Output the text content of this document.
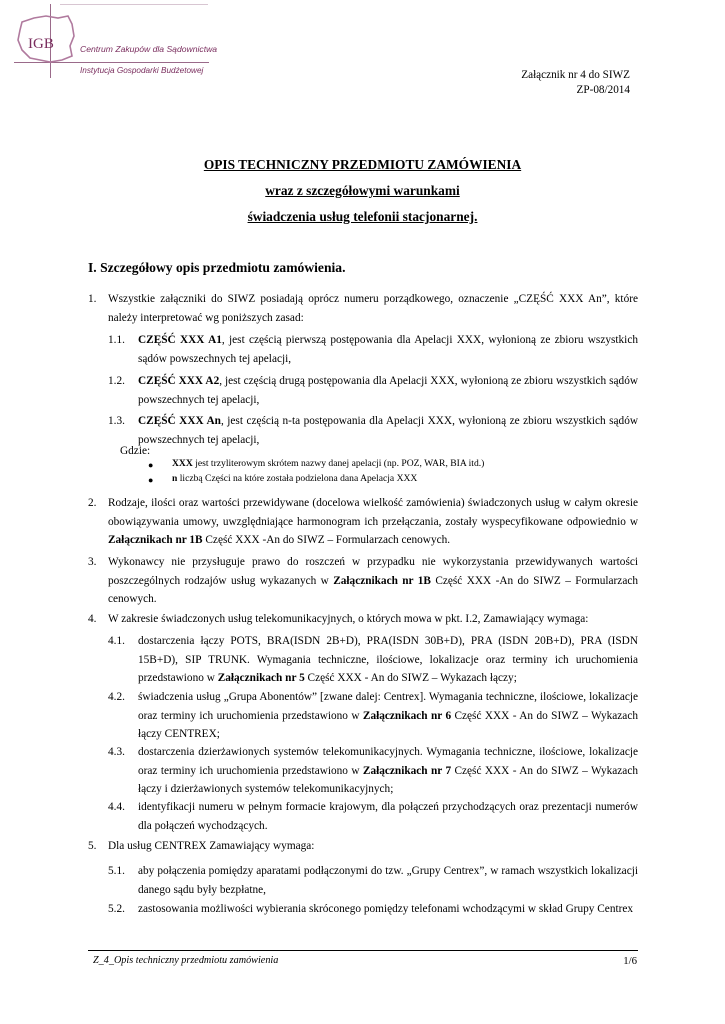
IGB	Centrum Zakupów dla Sądownictwa
Instytucja Gospodarki Budżetowej	Załącznik nr 4 do SIWZ
ZP-08/2014
OPIS TECHNICZNY PRZEDMIOTU ZAMÓWIENIA
wraz z szczegółowymi warunkami
świadczenia usług telefonii stacjonarnej.
I. Szczegółowy opis przedmiotu zamówienia.
1. Wszystkie załączniki do SIWZ posiadają oprócz numeru porządkowego, oznaczenie „CZĘŚĆ XXX An”, które należy interpretować wg poniższych zasad:
1.1. CZĘŚĆ XXX A1, jest częścią pierwszą postępowania dla Apelacji XXX, wyłonioną ze zbioru wszystkich sądów powszechnych tej apelacji,
1.2. CZĘŚĆ XXX A2, jest częścią drugą postępowania dla Apelacji XXX, wyłonioną ze zbioru wszystkich sądów powszechnych tej apelacji,
1.3. CZĘŚĆ XXX An, jest częścią n-ta postępowania dla Apelacji XXX, wyłonioną ze zbioru wszystkich sądów powszechnych tej apelacji,
Gdzie:
● XXX jest trzyliterowym skrótem nazwy danej apelacji (np. POZ, WAR, BIA itd.)
● n liczbą Części na które została podzielona dana Apelacja XXX
2. Rodzaje, ilości oraz wartości przewidywane (docelowa wielkość zamówienia) świadczonych usług w całym okresie obowiązywania umowy, uwzględniające harmonogram ich przełączania, zostały wyspecyfikowane odpowiednio w Załącznikach nr 1B Część XXX -An do SIWZ – Formularzach cenowych.
3. Wykonawcy nie przysługuje prawo do roszczeń w przypadku nie wykorzystania przewidywanych wartości poszczególnych rodzajów usług wykazanych w Załącznikach nr 1B Część XXX -An do SIWZ – Formularzach cenowych.
4. W zakresie świadczonych usług telekomunikacyjnych, o których mowa w pkt. I.2, Zamawiający wymaga:
4.1. dostarczenia łączy POTS, BRA(ISDN 2B+D), PRA(ISDN 30B+D), PRA (ISDN 20B+D), PRA (ISDN 15B+D), SIP TRUNK. Wymagania techniczne, ilościowe, lokalizacje oraz terminy ich uruchomienia przedstawiono w Załącznikach nr 5 Część XXX - An do SIWZ – Wykazach łączy;
4.2. świadczenia usług „Grupa Abonentów” [zwane dalej: Centrex]. Wymagania techniczne, ilościowe, lokalizacje oraz terminy ich uruchomienia przedstawiono w Załącznikach nr 6 Część XXX - An do SIWZ – Wykazach łączy CENTREX;
4.3. dostarczenia dzierżawionych systemów telekomunikacyjnych. Wymagania techniczne, ilościowe, lokalizacje oraz terminy ich uruchomienia przedstawiono w Załącznikach nr 7 Część XXX - An do SIWZ – Wykazach łączy i dzierżawionych systemów telekomunikacyjnych;
4.4. identyfikacji numeru w pełnym formacie krajowym, dla połączeń przychodzących oraz prezentacji numerów dla połączeń wychodzących.
5. Dla usług CENTREX Zamawiający wymaga:
5.1. aby połączenia pomiędzy aparatami podłączonymi do tzw. „Grupy Centrex”, w ramach wszystkich lokalizacji danego sądu były bezpłatne,
5.2. zastosowania możliwości wybierania skróconego pomiędzy telefonami wchodzącymi w skład Grupy Centrex
Z_4_Opis techniczny przedmiotu zamówienia	1/6
